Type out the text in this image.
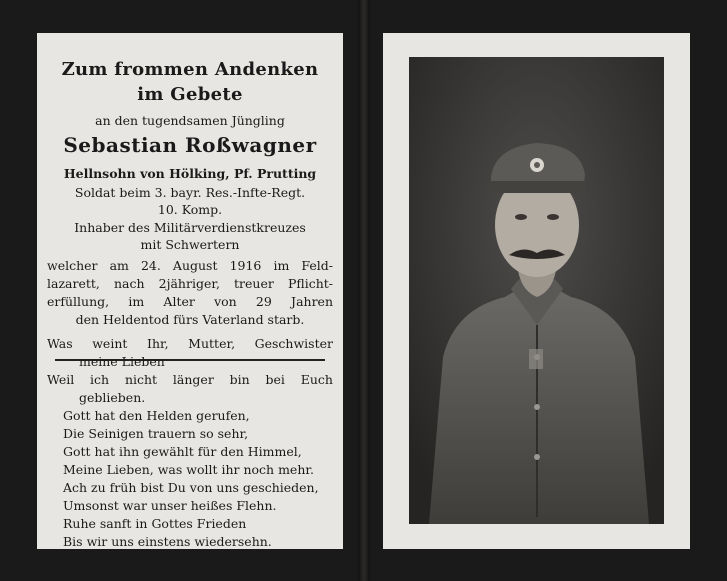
Zum frommen Andenken
im Gebete
an den tugendsamen Jüngling
Sebastian Roßwagner
Hellnsohn von Hölking, Pf. Prutting
Soldat beim 3. bayr. Res.-Infte-Regt.
10. Komp.
Inhaber des Militärverdienstkreuzes
mit Schwertern
welcher am 24. August 1916 im Feld-
lazarett, nach 2jähriger, treuer Pflicht-
erfüllung, im Alter von 29 Jahren
den Heldentod fürs Vaterland starb.
Was weint Ihr, Mutter, Geschwister
meine Lieben
Weil ich nicht länger bin bei Euch
geblieben.
Gott hat den Helden gerufen,
Die Seinigen trauern so sehr,
Gott hat ihn gewählt für den Himmel,
Meine Lieben, was wollt ihr noch mehr.
Ach zu früh bist Du von uns geschieden,
Umsonst war unser heißes Flehn.
Ruhe sanft in Gottes Frieden
Bis wir uns einstens wiedersehn.
